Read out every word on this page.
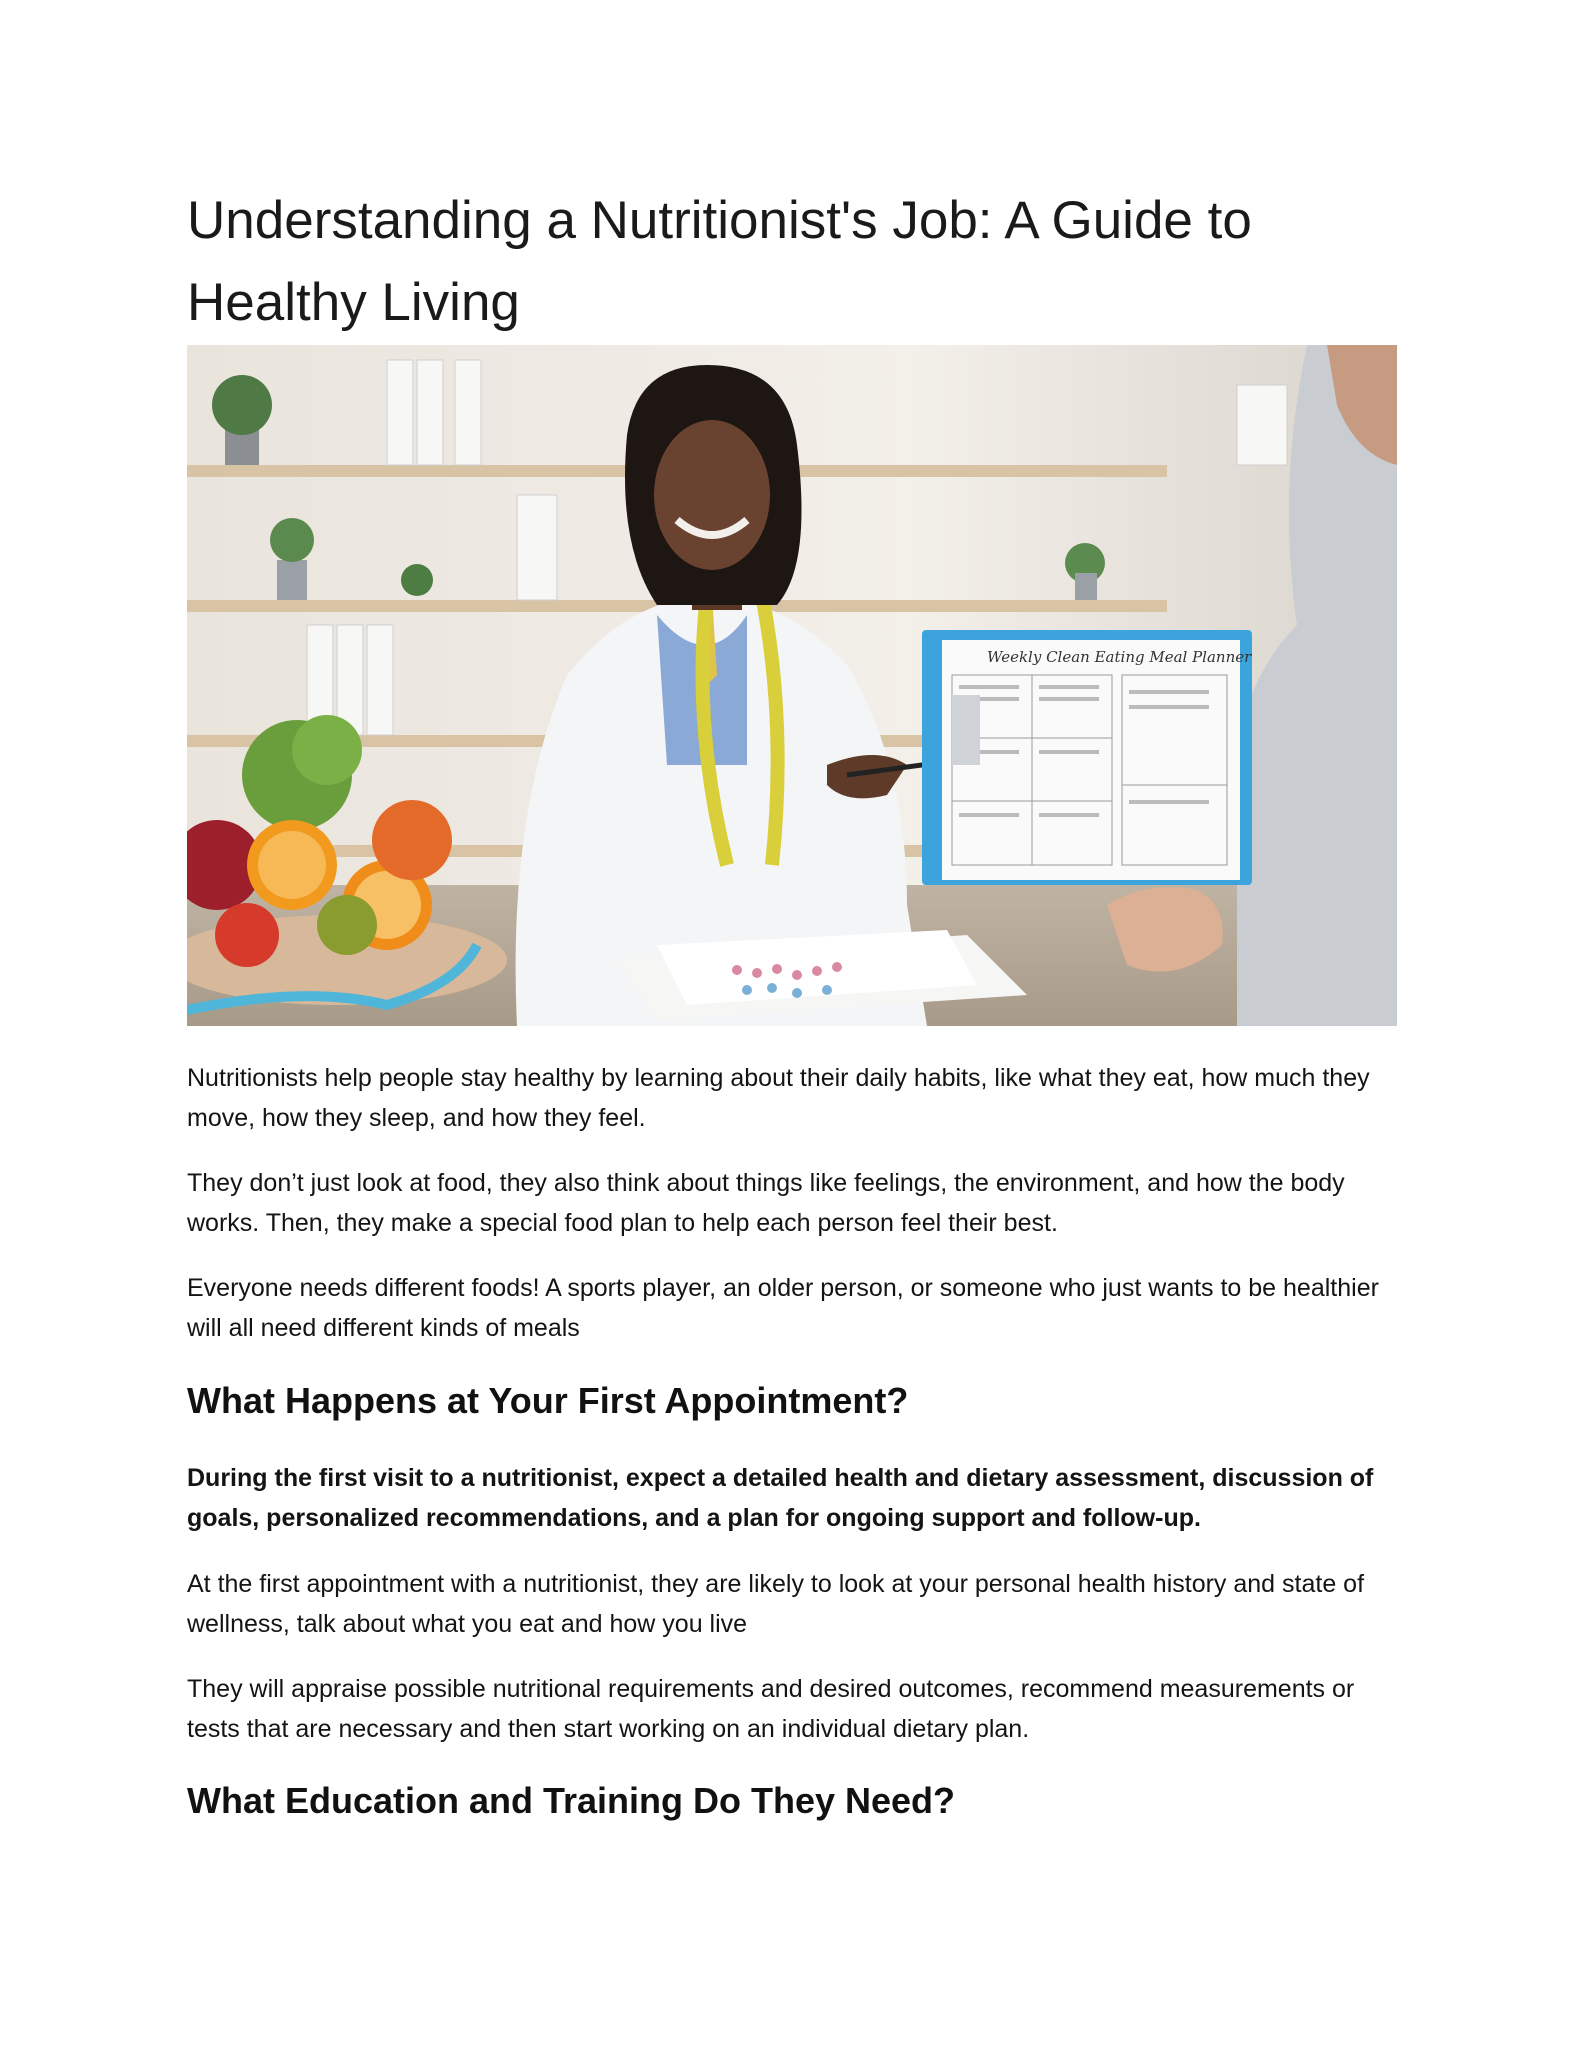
Understanding a Nutritionist's Job: A Guide to Healthy Living
Weekly Clean Eating Meal Planner

Nutritionists help people stay healthy by learning about their daily habits, like what they eat, how much they move, how they sleep, and how they feel.

They don’t just look at food, they also think about things like feelings, the environment, and how the body works. Then, they make a special food plan to help each person feel their best.

Everyone needs different foods! A sports player, an older person, or someone who just wants to be healthier will all need different kinds of meals

What Happens at Your First Appointment?

During the first visit to a nutritionist, expect a detailed health and dietary assessment, discussion of goals, personalized recommendations, and a plan for ongoing support and follow-up.

At the first appointment with a nutritionist, they are likely to look at your personal health history and state of wellness, talk about what you eat and how you live

They will appraise possible nutritional requirements and desired outcomes, recommend measurements or tests that are necessary and then start working on an individual dietary plan.

What Education and Training Do They Need?
